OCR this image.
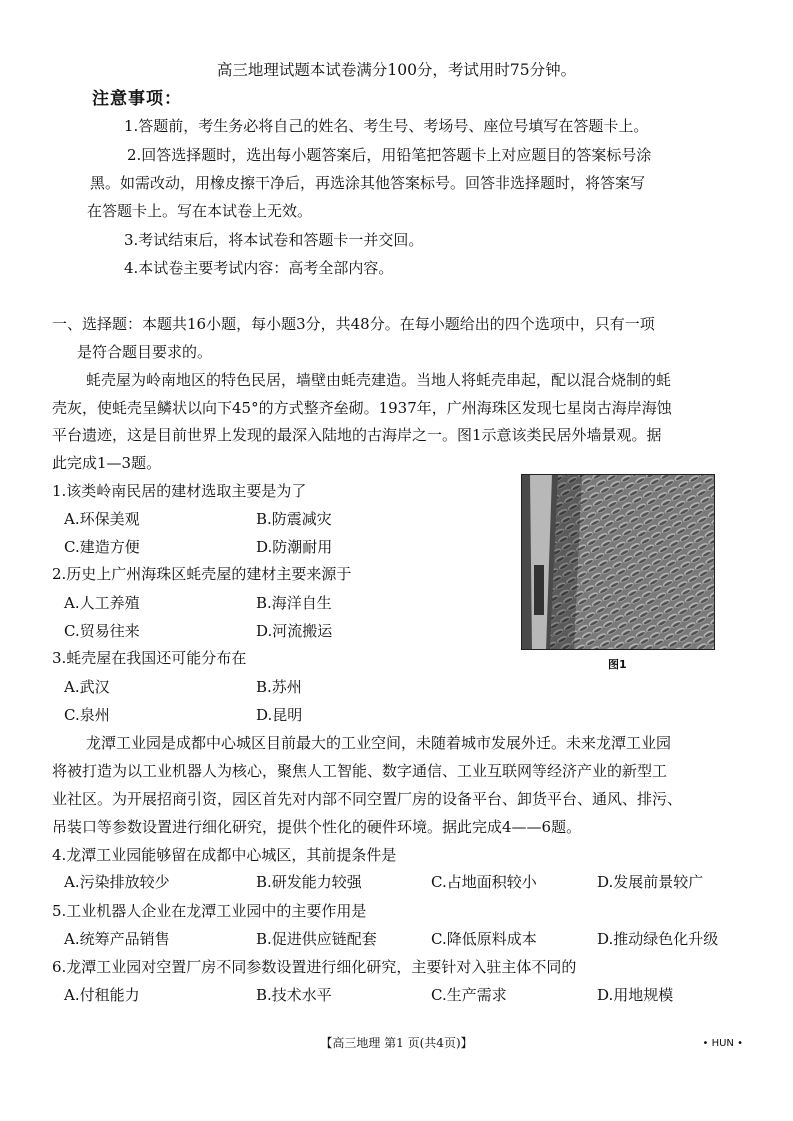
高三地理试题本试卷满分100分，考试用时75分钟。
注意事项：
1.答题前，考生务必将自己的姓名、考生号、考场号、座位号填写在答题卡上。
2.回答选择题时，选出每小题答案后，用铅笔把答题卡上对应题目的答案标号涂
黑。如需改动，用橡皮擦干净后，再选涂其他答案标号。回答非选择题时，将答案写
在答题卡上。写在本试卷上无效。
3.考试结束后，将本试卷和答题卡一并交回。
4.本试卷主要考试内容：高考全部内容。
一、选择题：本题共16小题，每小题3分，共48分。在每小题给出的四个选项中，只有一项
是符合题目要求的。
蚝壳屋为岭南地区的特色民居，墙壁由蚝壳建造。当地人将蚝壳串起，配以混合烧制的蚝
壳灰，使蚝壳呈鳞状以向下45°的方式整齐垒砌。1937年，广州海珠区发现七星岗古海岸海蚀
平台遗迹，这是目前世界上发现的最深入陆地的古海岸之一。图1示意该类民居外墙景观。据
此完成1—3题。
1.该类岭南民居的建材选取主要是为了
A.环保美观	B.防震减灾
C.建造方便	D.防潮耐用
2.历史上广州海珠区蚝壳屋的建材主要来源于
A.人工养殖	B.海洋自生
C.贸易往来	D.河流搬运
3.蚝壳屋在我国还可能分布在
A.武汉	B.苏州
C.泉州	D.昆明
图1
龙潭工业园是成都中心城区目前最大的工业空间，未随着城市发展外迁。未来龙潭工业园
将被打造为以工业机器人为核心，聚焦人工智能、数字通信、工业互联网等经济产业的新型工
业社区。为开展招商引资，园区首先对内部不同空置厂房的设备平台、卸货平台、通风、排污、
吊装口等参数设置进行细化研究，提供个性化的硬件环境。据此完成4——6题。
4.龙潭工业园能够留在成都中心城区，其前提条件是
A.污染排放较少	B.研发能力较强	C.占地面积较小	D.发展前景较广
5.工业机器人企业在龙潭工业园中的主要作用是
A.统筹产品销售	B.促进供应链配套	C.降低原料成本	D.推动绿色化升级
6.龙潭工业园对空置厂房不同参数设置进行细化研究，主要针对入驻主体不同的
A.付租能力	B.技术水平	C.生产需求	D.用地规模
【高三地理 第1 页(共4页)】	• HUN •
